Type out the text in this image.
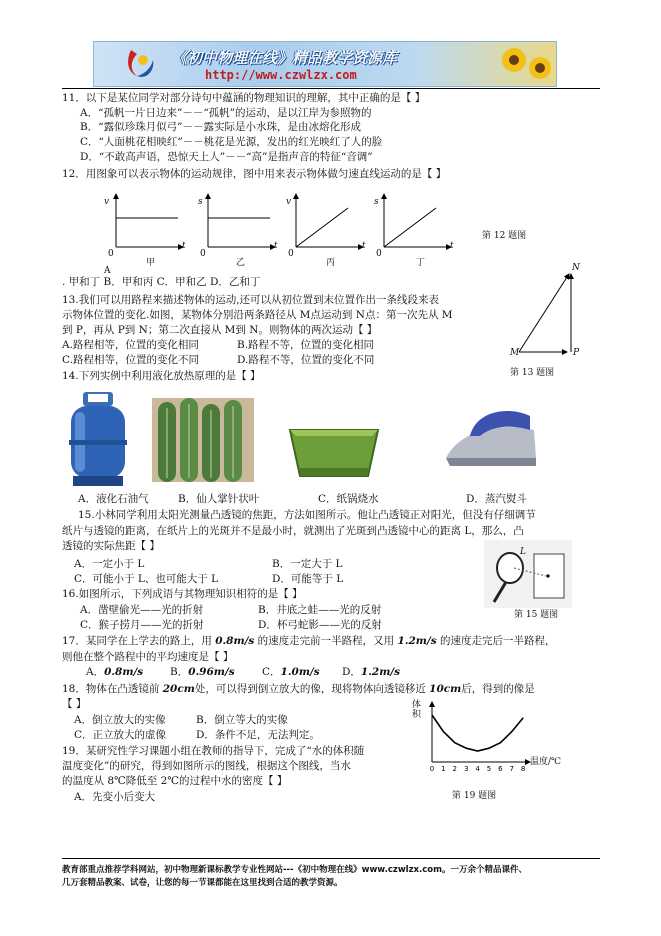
《初中物理在线》精品教学资源库
http://www.czwlzx.com
11．以下是某位同学对部分诗句中蕴涵的物理知识的理解，其中正确的是【 】
A．“孤帆一片日边来”－－“孤帆”的运动，是以江岸为参照物的
B．“露似珍珠月似弓”－－露实际是小水珠，是由冰熔化形成
C．“人面桃花相映红”－－桃花是光源，发出的红光映红了人的脸
D．“不敢高声语，恐惊天上人”－－“高”是指声音的特征“音调”
12．用图象可以表示物体的运动规律，图中用来表示物体做匀速直线运动的是【 】
v
t
0
甲
s
t
0
乙
v
t
0
丙
s
t
0
丁
第 12 题图
A
. 甲和丁 B．甲和丙 C．甲和乙 D．乙和丁
13.我们可以用路程来描述物体的运动,还可以从初位置到末位置作出一条线段来表
示物体位置的变化.如图，某物体分别沿两条路径从 M点运动到 N点：第一次先从 M
到 P，再从 P到 N；第二次直接从 M到 N。则物体的两次运动【 】
A.路程相等，位置的变化相同	B.路程不等，位置的变化相同
C.路程相等，位置的变化不同	D.路程不等，位置的变化不同
N
M	P
第 13 题图
14.下列实例中利用液化放热原理的是【 】
A．液化石油气	B．仙人掌针状叶	C．纸锅烧水	D．蒸汽熨斗
15.小林同学利用太阳光测量凸透镜的焦距，方法如图所示。他让凸透镜正对阳光，但没有仔细调节
纸片与透镜的距离，在纸片上的光斑并不是最小时，就测出了光斑到凸透镜中心的距离 L，那么，凸
透镜的实际焦距【 】
A．一定小于 L	B．一定大于 L
C．可能小于 L、也可能大于 L	D．可能等于 L
L
第 15 题图
16.如图所示，下列成语与其物理知识相符的是【 】
A．凿壁偷光——光的折射	B．井底之蛙——光的反射
C．猴子捞月——光的折射	D．杯弓蛇影——光的反射
17．某同学在上学去的路上，用 0.8m/s 的速度走完前一半路程，又用 1.2m/s 的速度走完后一半路程，
则他在整个路程中的平均速度是【 】
A．0.8m/s	B．0.96m/s	C．1.0m/s D．1.2m/s
18．物体在凸透镜前 20cm处，可以得到倒立放大的像，现将物体向透镜移近 10cm后，得到的像是
【 】
A．倒立放大的实像	B．倒立等大的实像
C．正立放大的虚像	D．条件不足，无法判定。
19．某研究性学习课题小组在教师的指导下，完成了“水的体积随
温度变化”的研究，得到如图所示的图线，根据这个图线，当水
的温度从 8℃降低至 2℃的过程中水的密度【 】
A．先变小后变大
0 1 2 3 4 5 6 7 8
体积
温度/℃
第 19 题图
教育部重点推荐学科网站，初中物理新课标教学专业性网站---《初中物理在线》www.czwlzx.com。一万余个精品课件、
几万套精品教案、试卷，让您的每一节课都能在这里找到合适的教学资源。
